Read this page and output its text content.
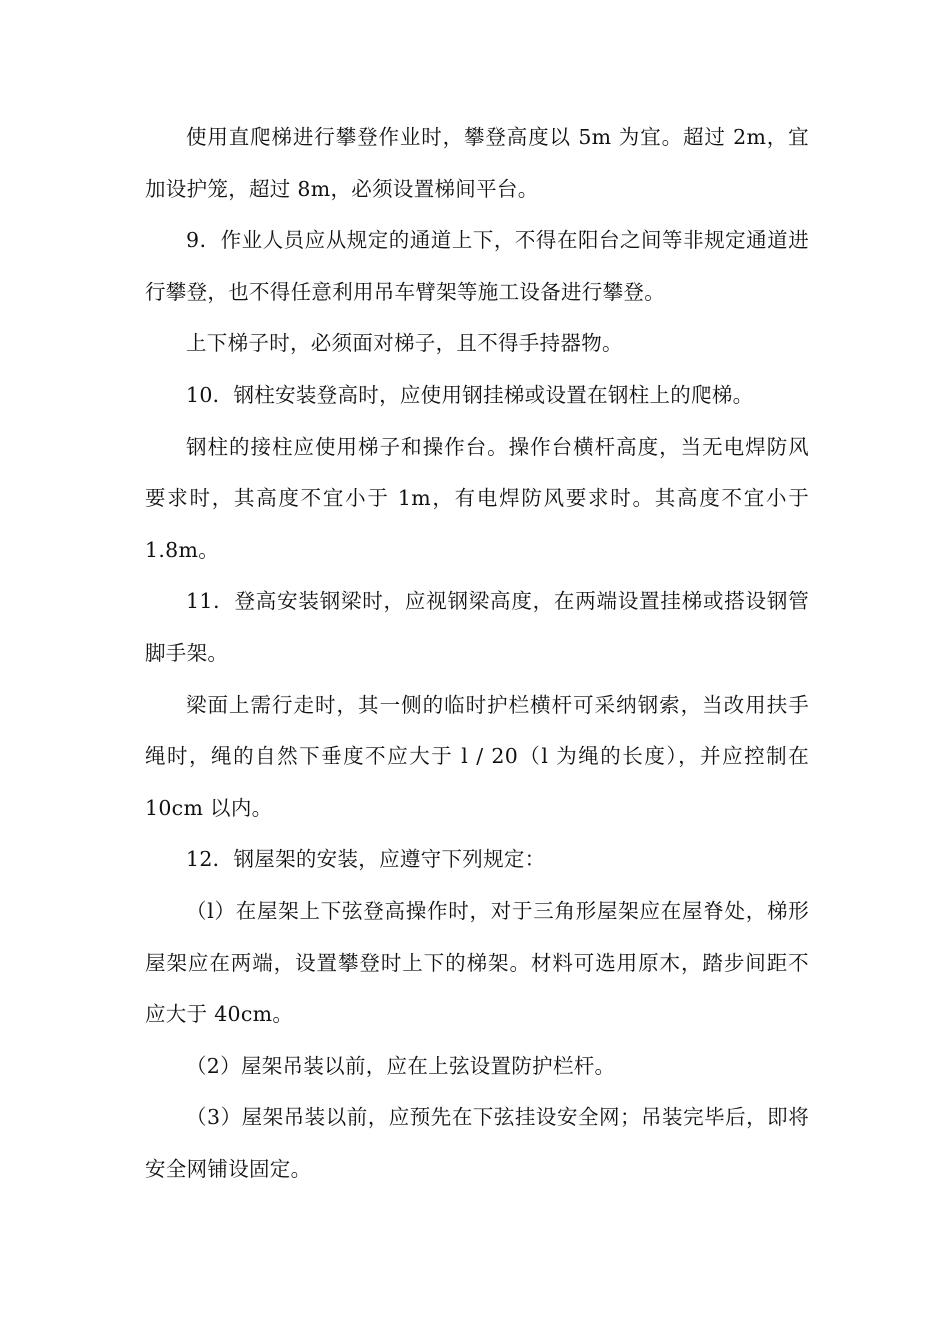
使用直爬梯进行攀登作业时，攀登高度以 5m 为宜。超过 2m，宜加设护笼，超过 8m，必须设置梯间平台。

9．作业人员应从规定的通道上下，不得在阳台之间等非规定通道进行攀登，也不得任意利用吊车臂架等施工设备进行攀登。

上下梯子时，必须面对梯子，且不得手持器物。

10．钢柱安装登高时，应使用钢挂梯或设置在钢柱上的爬梯。

钢柱的接柱应使用梯子和操作台。操作台横杆高度，当无电焊防风要求时，其高度不宜小于 1m，有电焊防风要求时。其高度不宜小于 1.8m。

11．登高安装钢梁时，应视钢梁高度，在两端设置挂梯或搭设钢管脚手架。

梁面上需行走时，其一侧的临时护栏横杆可采纳钢索，当改用扶手绳时，绳的自然下垂度不应大于 l / 20（l 为绳的长度），并应控制在 10cm 以内。

12．钢屋架的安装，应遵守下列规定：

（l）在屋架上下弦登高操作时，对于三角形屋架应在屋脊处，梯形屋架应在两端，设置攀登时上下的梯架。材料可选用原木，踏步间距不应大于 40cm。

（2）屋架吊装以前，应在上弦设置防护栏杆。

（3）屋架吊装以前，应预先在下弦挂设安全网；吊装完毕后，即将安全网铺设固定。
